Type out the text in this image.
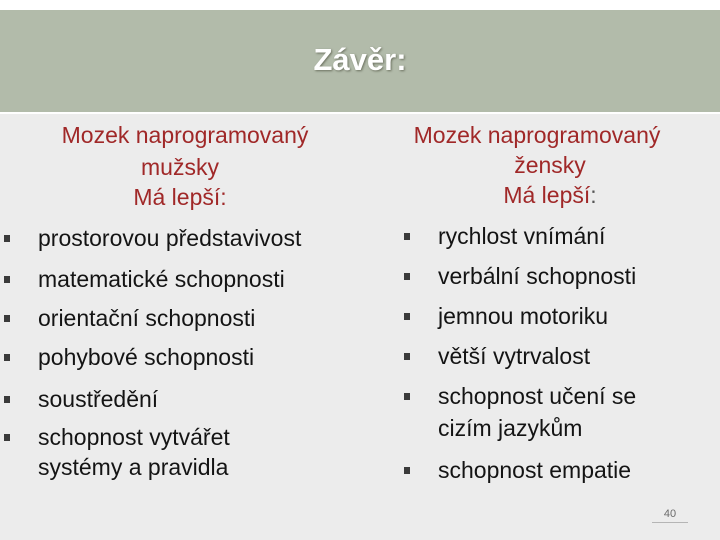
Závěr:
Mozek naprogramovaný
mužsky
Má lepší:
Mozek naprogramovaný
žensky
Má lepší:
prostorovou představivost
matematické schopnosti
orientační schopnosti
pohybové schopnosti
soustředění
schopnost vytvářet
systémy a pravidla
rychlost vnímání
verbální schopnosti
jemnou motoriku
větší vytrvalost
schopnost učení se
cizím jazykům
schopnost empatie
40
